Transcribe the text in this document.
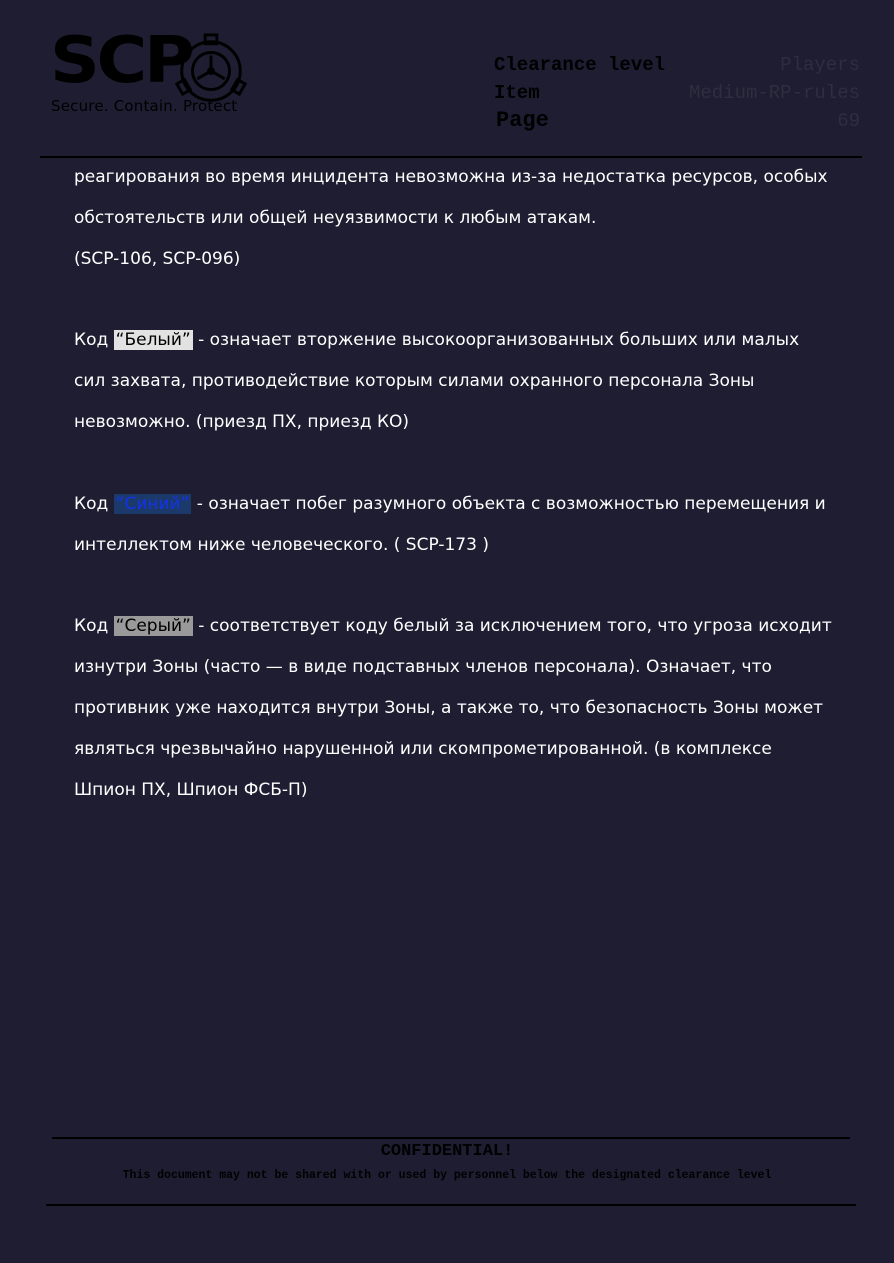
SCP
Secure. Contain. Protect
Clearance level	Players
Item	Medium-RP-rules
Page	69

реагирования во время инцидента невозможна из-за недостатка ресурсов, особых

обстоятельств или общей неуязвимости к любым атакам.

(SCP-106, SCP-096)

Код “Белый” - означает вторжение высокоорганизованных больших или малых

сил захвата, противодействие которым силами охранного персонала Зоны

невозможно. (приезд ПХ, приезд КО)

Код “Синий” - означает побег разумного объекта с возможностью перемещения и

интеллектом ниже человеческого. ( SCP-173 )

Код “Серый” - соответствует коду белый за исключением того, что угроза исходит

изнутри Зоны (часто — в виде подставных членов персонала). Означает, что

противник уже находится внутри Зоны, а также то, что безопасность Зоны может

являться чрезвычайно нарушенной или скомпрометированной. (в комплексе

Шпион ПХ, Шпион ФСБ-П)

CONFIDENTIAL!
This document may not be shared with or used by personnel below the designated clearance level
